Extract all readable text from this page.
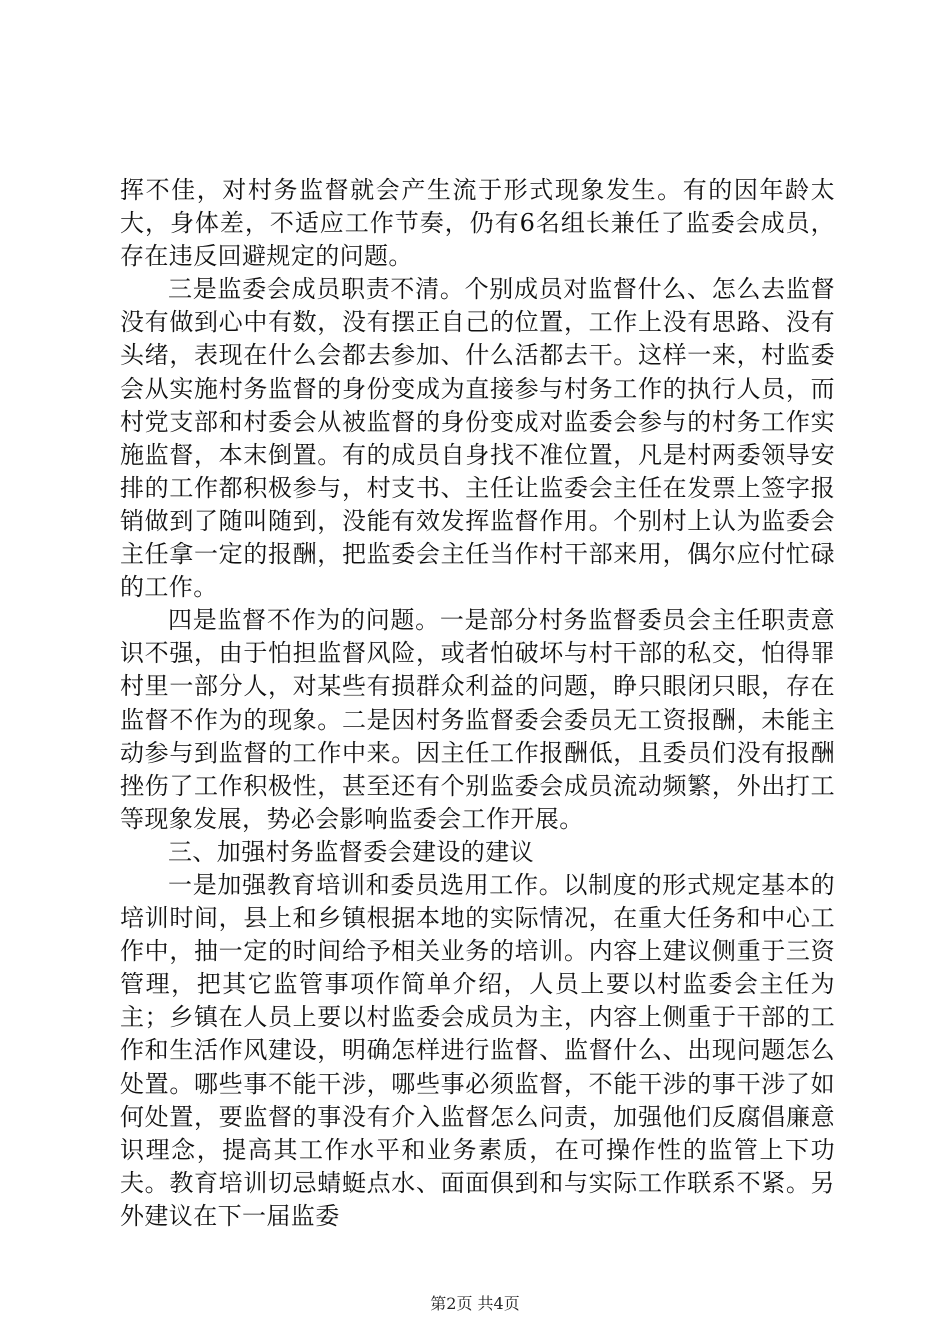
挥不佳，对村务监督就会产生流于形式现象发生。有的因年龄太大，身体差，不适应工作节奏，仍有6名组长兼任了监委会成员，存在违反回避规定的问题。

三是监委会成员职责不清。个别成员对监督什么、怎么去监督没有做到心中有数，没有摆正自己的位置，工作上没有思路、没有头绪，表现在什么会都去参加、什么活都去干。这样一来，村监委会从实施村务监督的身份变成为直接参与村务工作的执行人员，而村党支部和村委会从被监督的身份变成对监委会参与的村务工作实施监督，本末倒置。有的成员自身找不准位置，凡是村两委领导安排的工作都积极参与，村支书、主任让监委会主任在发票上签字报销做到了随叫随到，没能有效发挥监督作用。个别村上认为监委会主任拿一定的报酬，把监委会主任当作村干部来用，偶尔应付忙碌的工作。

四是监督不作为的问题。一是部分村务监督委员会主任职责意识不强，由于怕担监督风险，或者怕破坏与村干部的私交，怕得罪村里一部分人，对某些有损群众利益的问题，睁只眼闭只眼，存在监督不作为的现象。二是因村务监督委会委员无工资报酬，未能主动参与到监督的工作中来。因主任工作报酬低，且委员们没有报酬挫伤了工作积极性，甚至还有个别监委会成员流动频繁，外出打工等现象发展，势必会影响监委会工作开展。

三、加强村务监督委会建设的建议

一是加强教育培训和委员选用工作。以制度的形式规定基本的培训时间，县上和乡镇根据本地的实际情况，在重大任务和中心工作中，抽一定的时间给予相关业务的培训。内容上建议侧重于三资管理，把其它监管事项作简单介绍，人员上要以村监委会主任为主；乡镇在人员上要以村监委会成员为主，内容上侧重于干部的工作和生活作风建设，明确怎样进行监督、监督什么、出现问题怎么处置。哪些事不能干涉，哪些事必须监督，不能干涉的事干涉了如何处置，要监督的事没有介入监督怎么问责，加强他们反腐倡廉意识理念，提高其工作水平和业务素质，在可操作性的监管上下功夫。教育培训切忌蜻蜓点水、面面俱到和与实际工作联系不紧。另外建议在下一届监委

第2页 共4页
